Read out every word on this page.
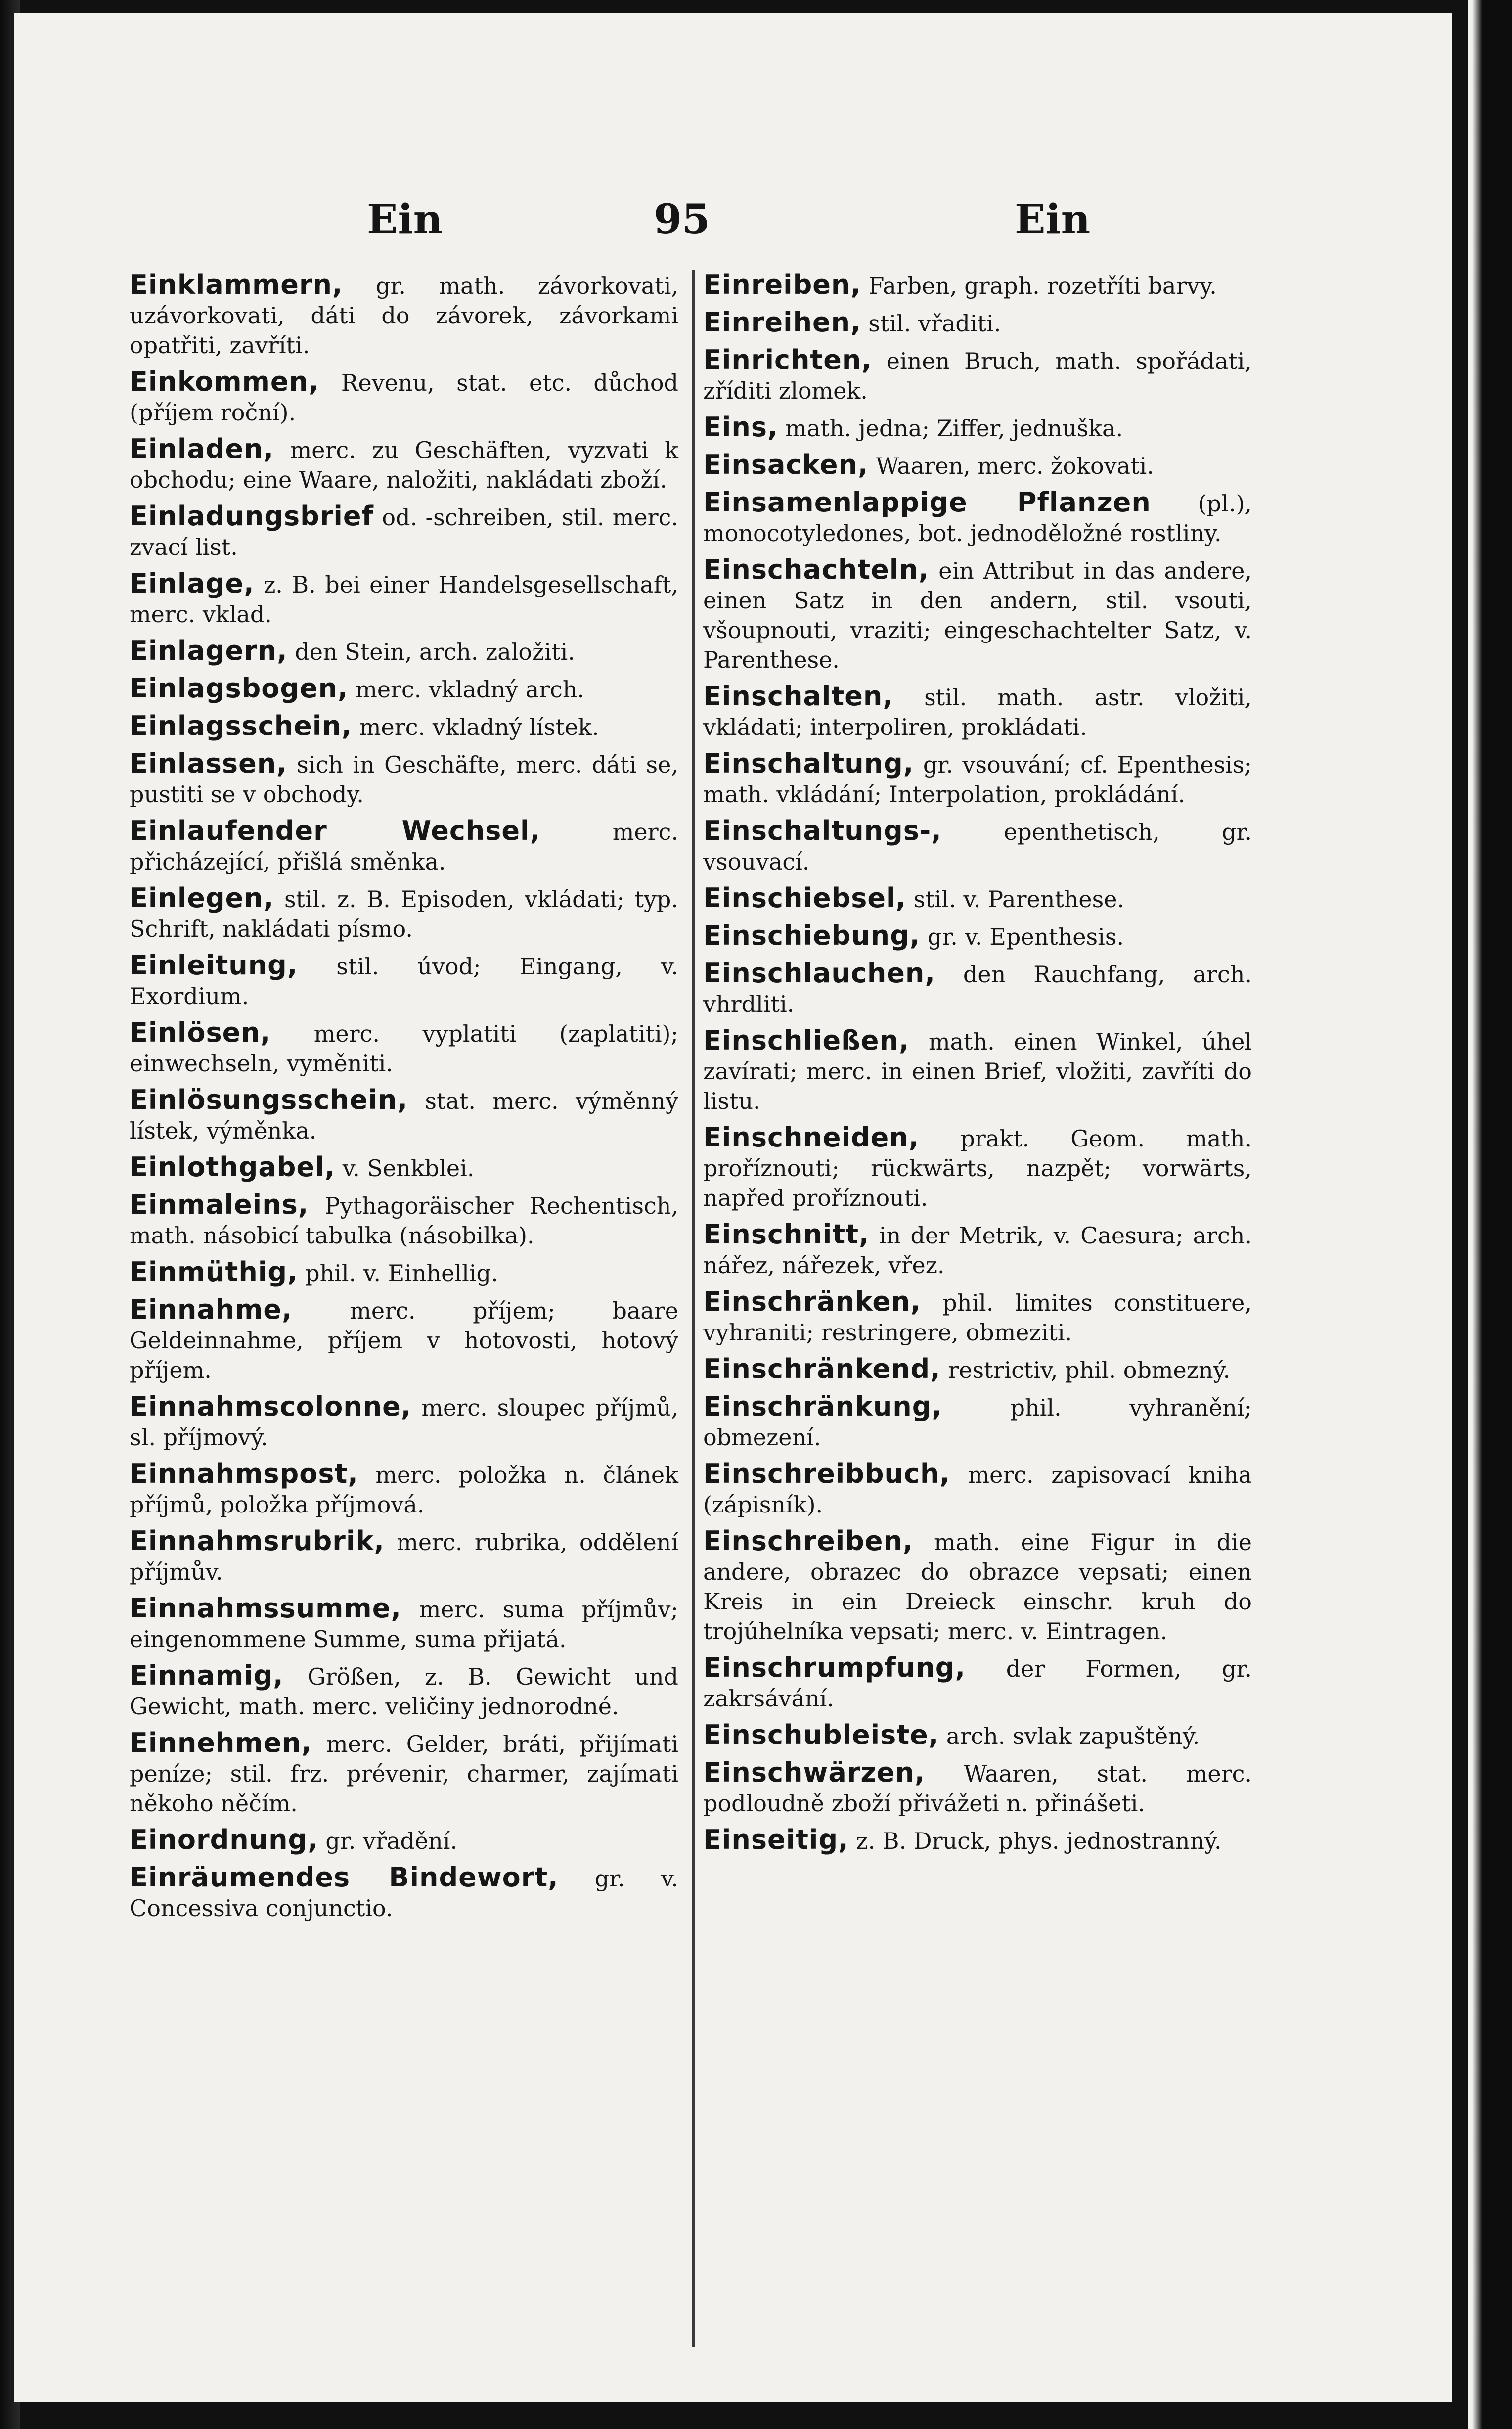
Ein	95	Ein

Einklammern, gr. math. závorkovati, uzávorkovati, dáti do závorek, závorkami opatřiti, zavříti.

Einkommen, Revenu, stat. etc. důchod (příjem roční).

Einladen, merc. zu Geschäften, vyzvati k obchodu; eine Waare, naložiti, nakládati zboží.

Einladungsbrief od. -schreiben, stil. merc. zvací list.

Einlage, z. B. bei einer Handelsgesellschaft, merc. vklad.

Einlagern, den Stein, arch. založiti.

Einlagsbogen, merc. vkladný arch.

Einlagsschein, merc. vkladný lístek.

Einlassen, sich in Geschäfte, merc. dáti se, pustiti se v obchody.

Einlaufender Wechsel,	merc. přicházející, přišlá směnka.

Einlegen, stil. z. B. Episoden, vkládati; typ. Schrift, nakládati písmo.

Einleitung, stil. úvod; Eingang, v. Exordium.

Einlösen, merc. vyplatiti (zaplatiti); einwechseln, vyměniti.

Einlösungsschein, stat. merc. výměnný lístek, výměnka.

Einlothgabel, v. Senkblei.

Einmaleins, Pythagoräischer Rechentisch, math. násobicí tabulka (násobilka).

Einmüthig, phil. v. Einhellig.

Einnahme,	merc. příjem; baare Geldeinnahme, příjem v hotovosti, hotový příjem.

Einnahmscolonne, merc. sloupec příjmů, sl. příjmový.

Einnahmspost, merc. položka n. článek příjmů, položka příjmová.

Einnahmsrubrik, merc. rubrika, oddělení příjmův.

Einnahmssumme, merc. suma příjmův; eingenommene Summe, suma přijatá.

Einnamig, Größen, z. B. Gewicht und Gewicht, math. merc. veličiny jednorodné.

Einnehmen, merc. Gelder, bráti, přijímati peníze; stil. frz. prévenir, charmer, zajímati někoho něčím.

Einordnung, gr. vřadění.

Einräumendes Bindewort, gr. v. Concessiva conjunctio.

Einreiben, Farben, graph. rozetříti barvy.

Einreihen, stil. vřaditi.

Einrichten, einen Bruch, math. spořádati, zříditi zlomek.

Eins, math. jedna; Ziffer, jednuška.

Einsacken, Waaren, merc. žokovati.

Einsamenlappige Pflanzen (pl.), monocotyledones, bot. jednoděložné rostliny.

Einschachteln, ein Attribut in das andere, einen Satz in den andern, stil. vsouti, všoupnouti, vraziti; eingeschachtelter Satz, v. Parenthese.

Einschalten, stil. math. astr. vložiti, vkládati; interpoliren, prokládati.

Einschaltung, gr. vsouvání; cf. Epenthesis; math. vkládání; Interpolation, prokládání.

Einschaltungs-,	epenthetisch, gr. vsouvací.

Einschiebsel, stil. v. Parenthese.

Einschiebung, gr. v. Epenthesis.

Einschlauchen, den Rauchfang, arch. vhrdliti.

Einschließen, math. einen Winkel, úhel zavírati; merc. in einen Brief, vložiti, zavříti do listu.

Einschneiden, prakt. Geom. math. proříznouti; rückwärts, nazpět; vorwärts, napřed proříznouti.

Einschnitt, in der Metrik, v. Caesura; arch. nářez, nářezek, vřez.

Einschränken, phil. limites constituere, vyhraniti; restringere, obmeziti.

Einschränkend, restrictiv, phil. obmezný.

Einschränkung,	phil. vyhranění; obmezení.

Einschreibbuch, merc. zapisovací kniha (zápisník).

Einschreiben, math. eine Figur in die andere, obrazec do obrazce vepsati; einen Kreis in ein Dreieck einschr. kruh do trojúhelníka vepsati; merc. v. Eintragen.

Einschrumpfung, der Formen, gr. zakrsávání.

Einschubleiste, arch. svlak zapuštěný.

Einschwärzen, Waaren, stat. merc. podloudně zboží přivážeti n. přinášeti.

Einseitig, z. B. Druck, phys. jednostranný.
